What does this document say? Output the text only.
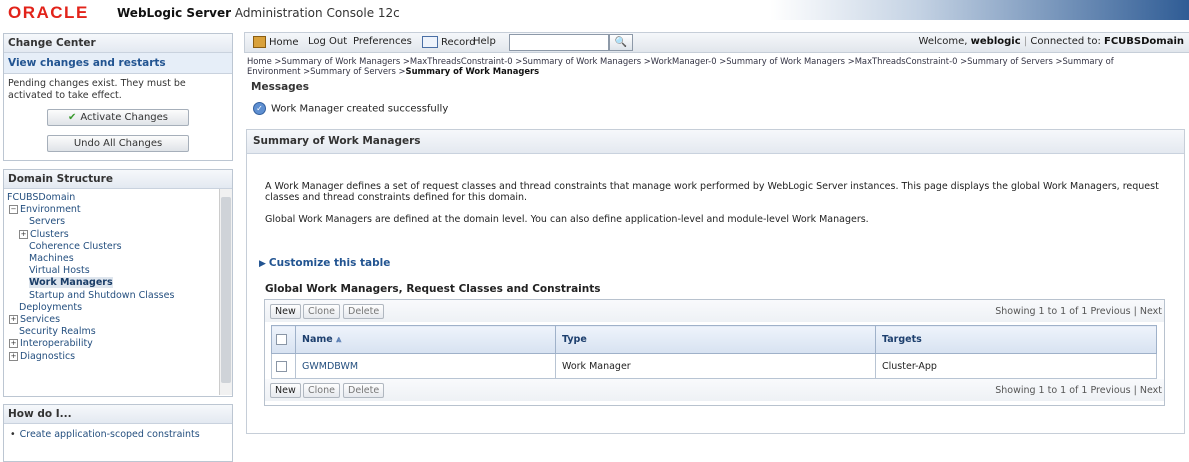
ORACLE WebLogic Server Administration Console 12c
Change Center
View changes and restarts
Pending changes exist. They must be activated to take effect.
✔ Activate Changes
Undo All Changes
Domain Structure
FCUBSDomain
− Environment
Servers
+ Clusters
Coherence Clusters
Machines
Virtual Hosts
Work Managers
Startup and Shutdown Classes
Deployments
+ Services
Security Realms
+ Interoperability
+ Diagnostics
How do I...
• Create application-scoped constraints
Home Log Out Preferences	Record
Help	🔍	Welcome, weblogic | Connected to: FCUBSDomain
Home >Summary of Work Managers >MaxThreadsConstraint-0 >Summary of Work Managers >WorkManager-0 >Summary of Work Managers >MaxThreadsConstraint-0 >Summary of Servers >Summary of
Environment >Summary of Servers >Summary of Work Managers
Messages
✓ Work Manager created successfully
Summary of Work Managers
A Work Manager defines a set of request classes and thread constraints that manage work performed by WebLogic Server instances. This page displays the global Work Managers, request classes and thread constraints defined for this domain.
Global Work Managers are defined at the domain level. You can also define application-level and module-level Work Managers.
▶ Customize this table
Global Work Managers, Request Classes and Constraints
New	Clone	Delete	Showing 1 to 1 of 1 Previous | Next
	Name ⩓	Type	Targets
	GWMDBWM	Work Manager	Cluster-App
New	Clone	Delete	Showing 1 to 1 of 1 Previous | Next
